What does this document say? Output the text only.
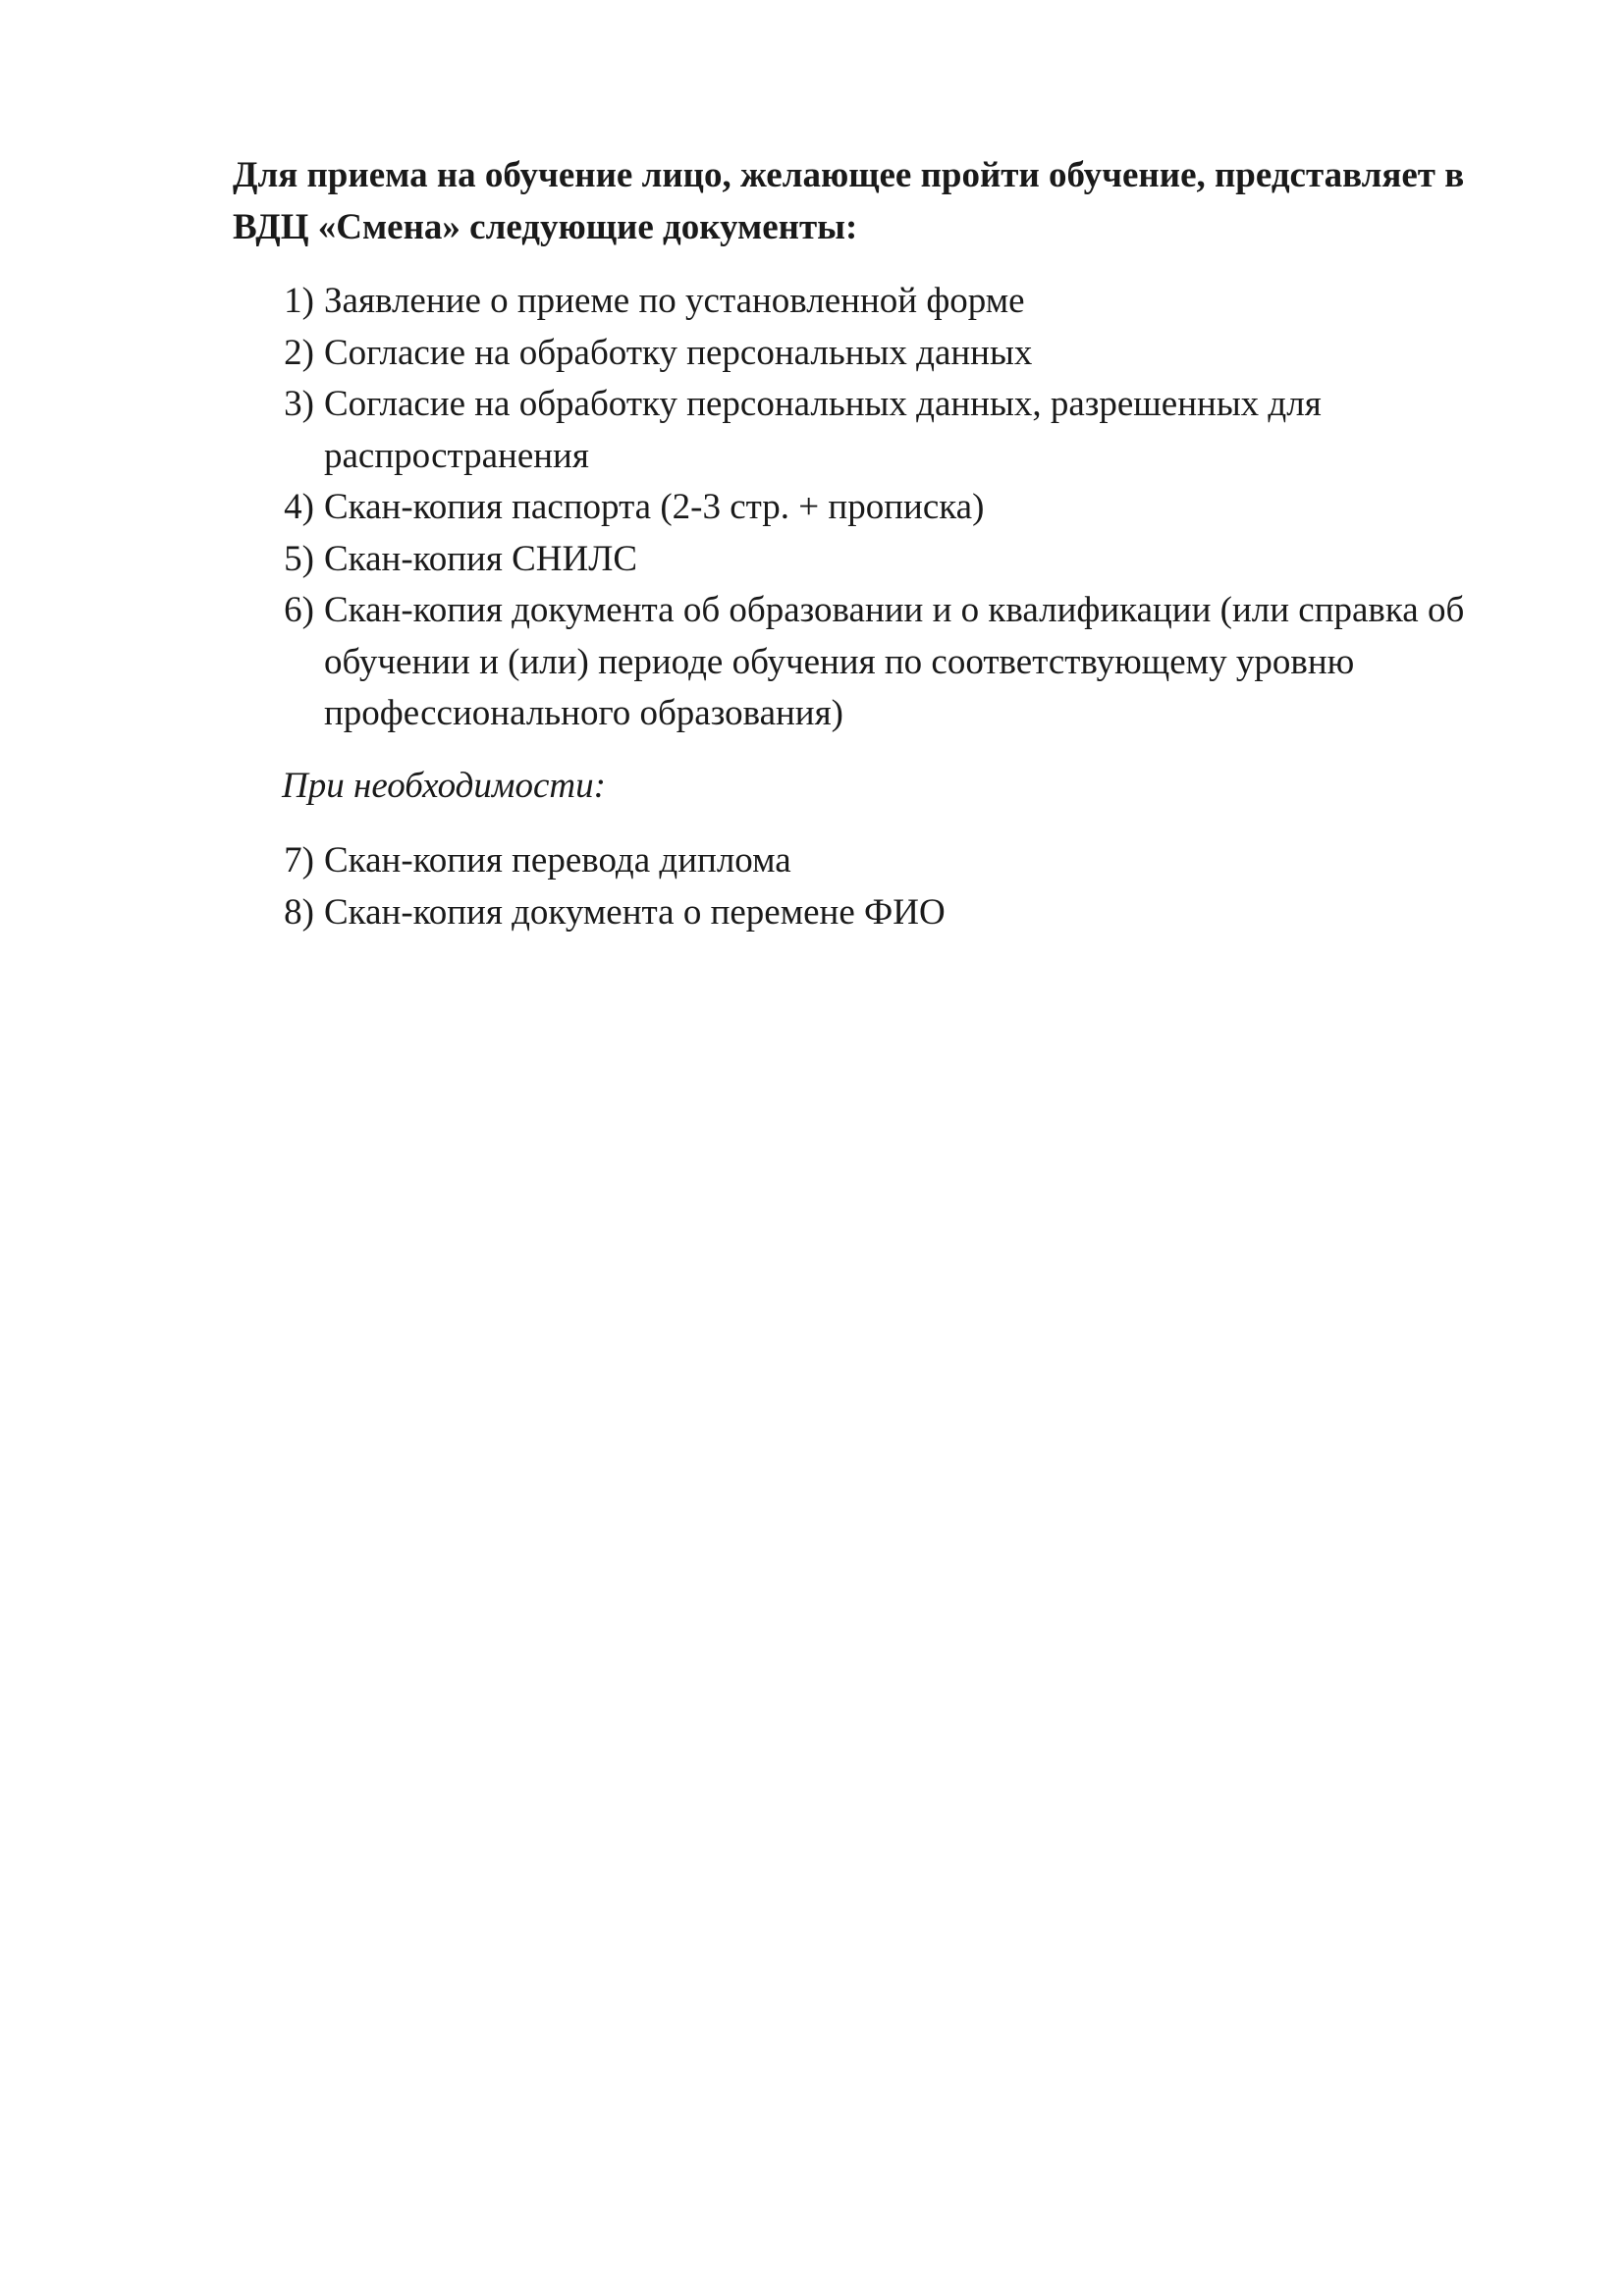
Для приема на обучение лицо, желающее пройти обучение, представляет в ВДЦ «Смена» следующие документы:

1) Заявление о приеме по установленной форме
2) Согласие на обработку персональных данных
3) Согласие на обработку персональных данных, разрешенных для распространения
4) Скан-копия паспорта (2-3 стр. + прописка)
5) Скан-копия СНИЛС
6) Скан-копия документа об образовании и о квалификации (или справка об обучении и (или) периоде обучения по соответствующему уровню профессионального образования)

При необходимости:

7) Скан-копия перевода диплома
8) Скан-копия документа о перемене ФИО
